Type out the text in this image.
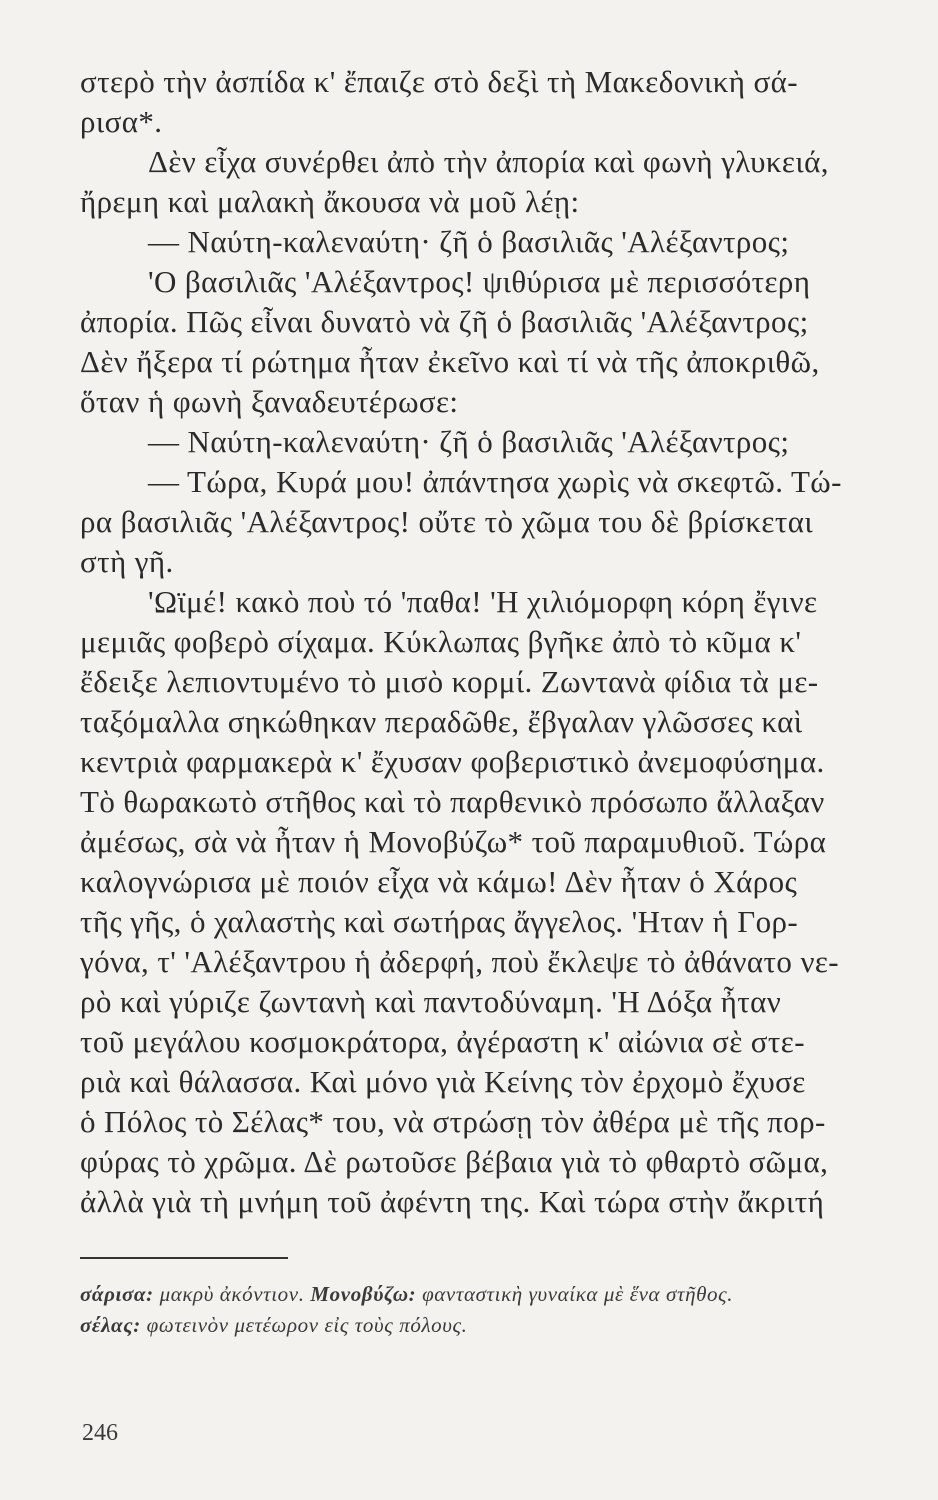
στερὸ τὴν ἀσπίδα κ' ἔπαιζε στὸ δεξὶ τὴ Μακεδονικὴ σά-
ρισα*.
Δὲν εἶχα συνέρθει ἀπὸ τὴν ἀπορία καὶ φωνὴ γλυκειά,
ἤρεμη καὶ μαλακὴ ἄκουσα νὰ μοῦ λέῃ:
— Ναύτη-καλεναύτη· ζῆ ὁ βασιλιᾶς 'Αλέξαντρος;
'Ο βασιλιᾶς 'Αλέξαντρος! ψιθύρισα μὲ περισσότερη
ἀπορία. Πῶς εἶναι δυνατὸ νὰ ζῆ ὁ βασιλιᾶς 'Αλέξαντρος;
Δὲν ἤξερα τί ρώτημα ἦταν ἐκεῖνο καὶ τί νὰ τῆς ἀποκριθῶ,
ὅταν ἡ φωνὴ ξαναδευτέρωσε:
— Ναύτη-καλεναύτη· ζῆ ὁ βασιλιᾶς 'Αλέξαντρος;
— Τώρα, Κυρά μου! ἀπάντησα χωρὶς νὰ σκεφτῶ. Τώ-
ρα βασιλιᾶς 'Αλέξαντρος! οὔτε τὸ χῶμα του δὲ βρίσκεται
στὴ γῆ.
'Ωϊμέ! κακὸ ποὺ τό 'παθα! 'Η χιλιόμορφη κόρη ἔγινε
μεμιᾶς φοβερὸ σίχαμα. Κύκλωπας βγῆκε ἀπὸ τὸ κῦμα κ'
ἔδειξε λεπιοντυμένο τὸ μισὸ κορμί. Ζωντανὰ φίδια τὰ με-
ταξόμαλλα σηκώθηκαν περαδῶθε, ἔβγαλαν γλῶσσες καὶ
κεντριὰ φαρμακερὰ κ' ἔχυσαν φοβεριστικὸ ἀνεμοφύσημα.
Τὸ θωρακωτὸ στῆθος καὶ τὸ παρθενικὸ πρόσωπο ἄλλαξαν
ἀμέσως, σὰ νὰ ἦταν ἡ Μονοβύζω* τοῦ παραμυθιοῦ. Τώρα
καλογνώρισα μὲ ποιόν εἶχα νὰ κάμω! Δὲν ἦταν ὁ Χάρος
τῆς γῆς, ὁ χαλαστὴς καὶ σωτήρας ἄγγελος. 'Ηταν ἡ Γορ-
γόνα, τ' 'Αλέξαντρου ἡ ἀδερφή, ποὺ ἔκλεψε τὸ ἀθάνατο νε-
ρὸ καὶ γύριζε ζωντανὴ καὶ παντοδύναμη. 'Η Δόξα ἦταν
τοῦ μεγάλου κοσμοκράτορα, ἀγέραστη κ' αἰώνια σὲ στε-
ριὰ καὶ θάλασσα. Καὶ μόνο γιὰ Κείνης τὸν ἐρχομὸ ἔχυσε
ὁ Πόλος τὸ Σέλας* του, νὰ στρώσῃ τὸν ἀθέρα μὲ τῆς πορ-
φύρας τὸ χρῶμα. Δὲ ρωτοῦσε βέβαια γιὰ τὸ φθαρτὸ σῶμα,
ἀλλὰ γιὰ τὴ μνήμη τοῦ ἀφέντη της. Καὶ τώρα στὴν ἄκριτή
σάρισα: μακρὺ ἀκόντιον. Μονοβύζω: φανταστικὴ γυναίκα μὲ ἕνα στῆθος.
σέλας: φωτεινὸν μετέωρον εἰς τοὺς πόλους.
246
